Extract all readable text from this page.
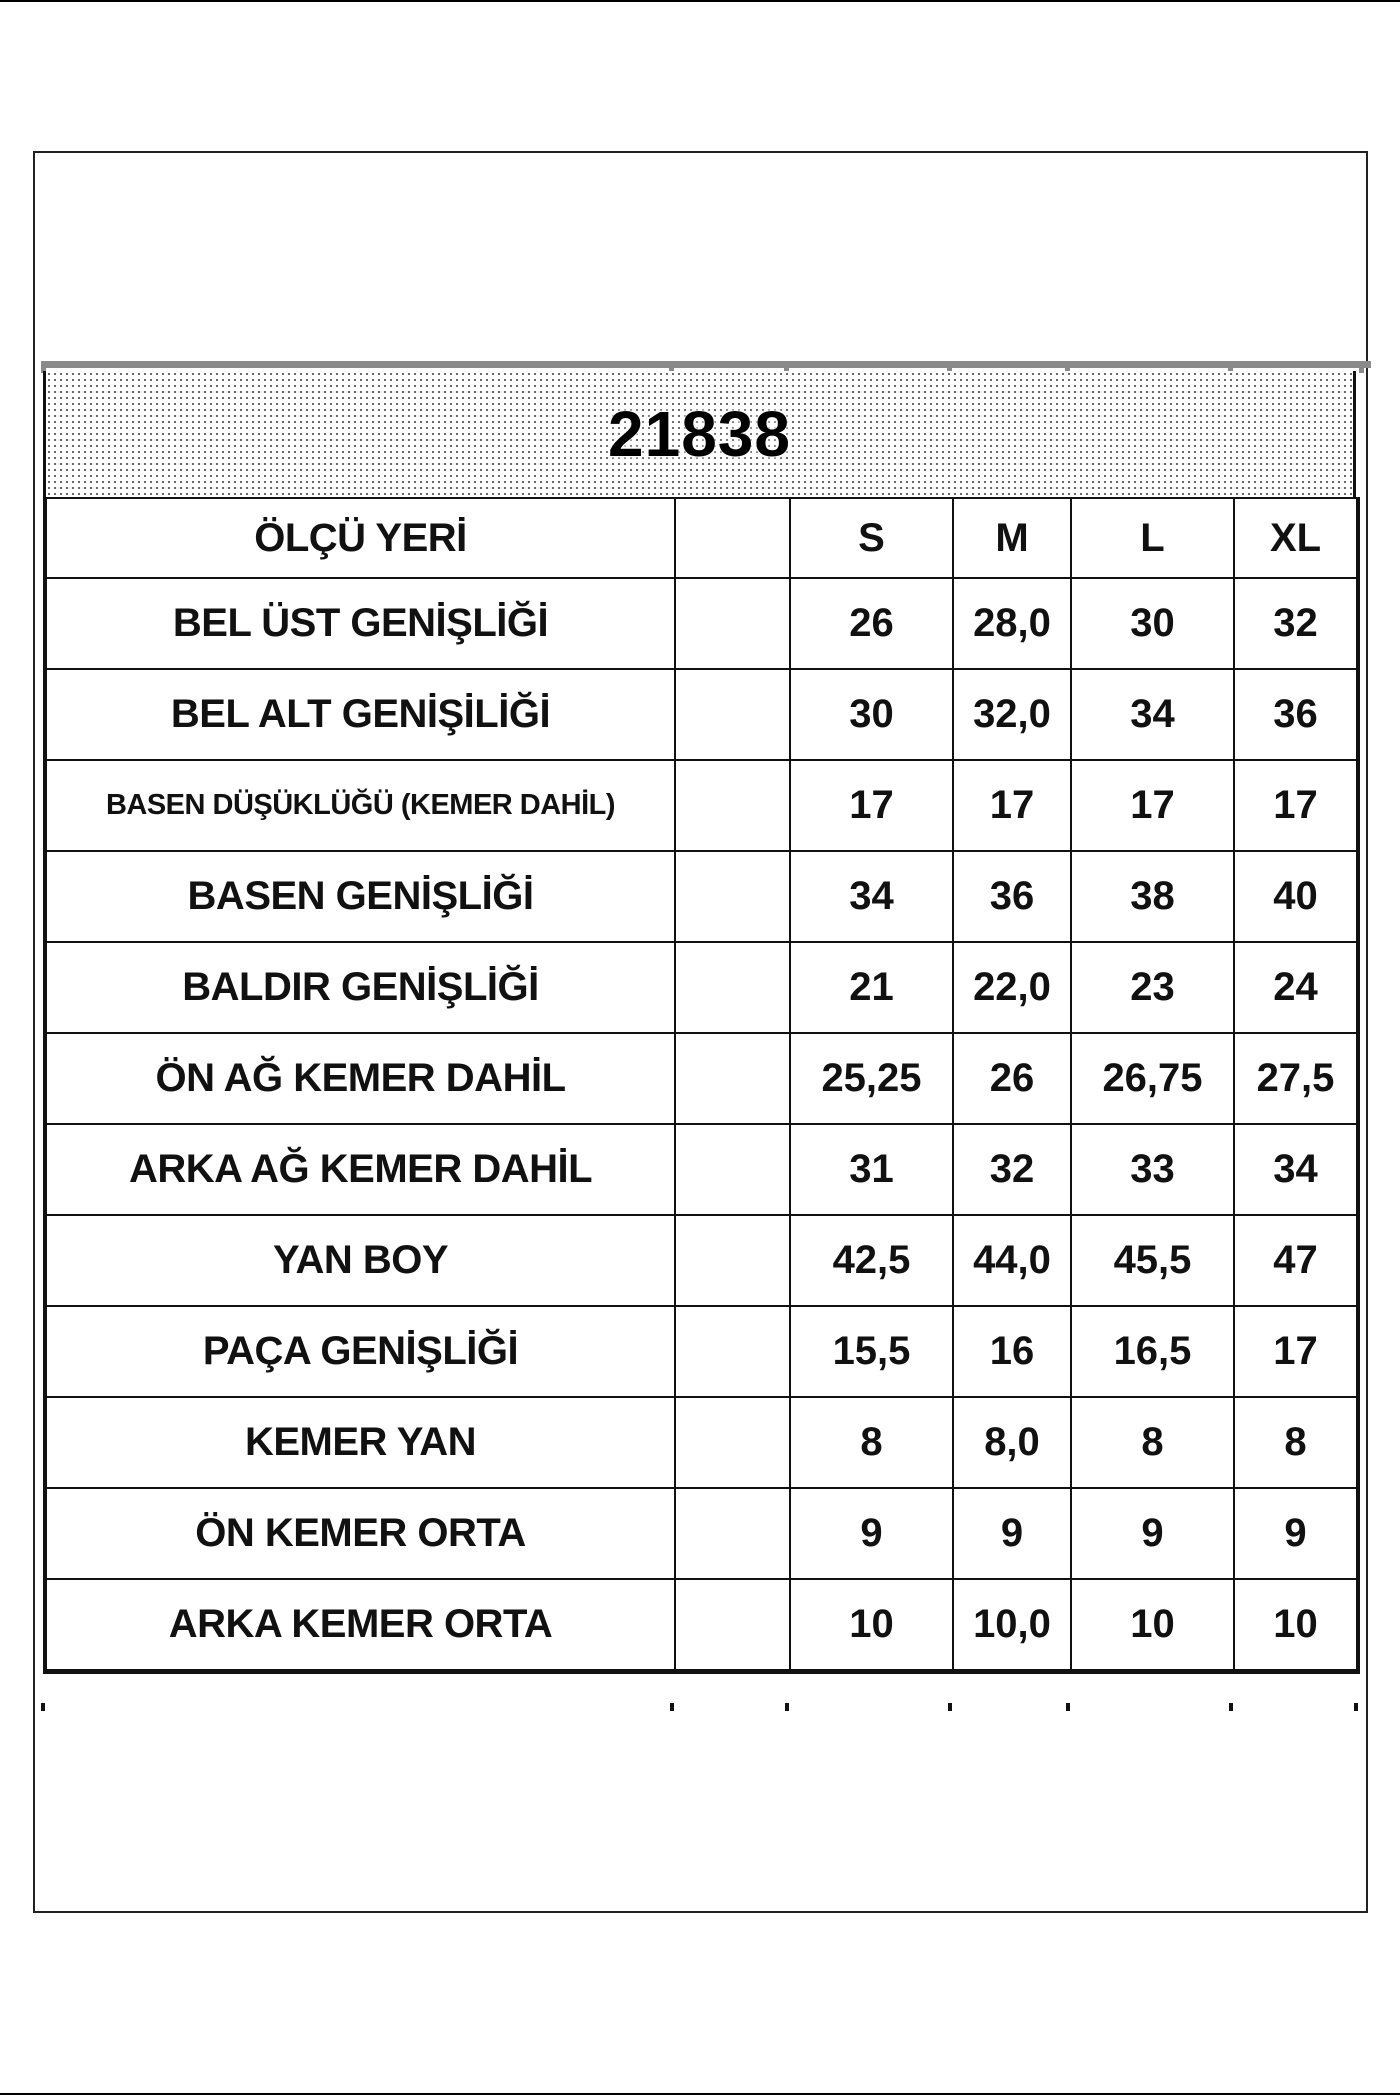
21838
ÖLÇÜ YERİ		S	M	L	XL
BEL ÜST GENİŞLİĞİ		26	28,0	30	32
BEL ALT GENİŞİLİĞİ		30	32,0	34	36
BASEN DÜŞÜKLÜĞÜ (KEMER DAHİL)		17	17	17	17
BASEN GENİŞLİĞİ		34	36	38	40
BALDIR GENİŞLİĞİ		21	22,0	23	24
ÖN AĞ KEMER DAHİL		25,25	26	26,75	27,5
ARKA AĞ KEMER DAHİL		31	32	33	34
YAN BOY		42,5	44,0	45,5	47
PAÇA GENİŞLİĞİ		15,5	16	16,5	17
KEMER YAN		8	8,0	8	8
ÖN KEMER ORTA		9	9	9	9
ARKA KEMER ORTA		10	10,0	10	10
